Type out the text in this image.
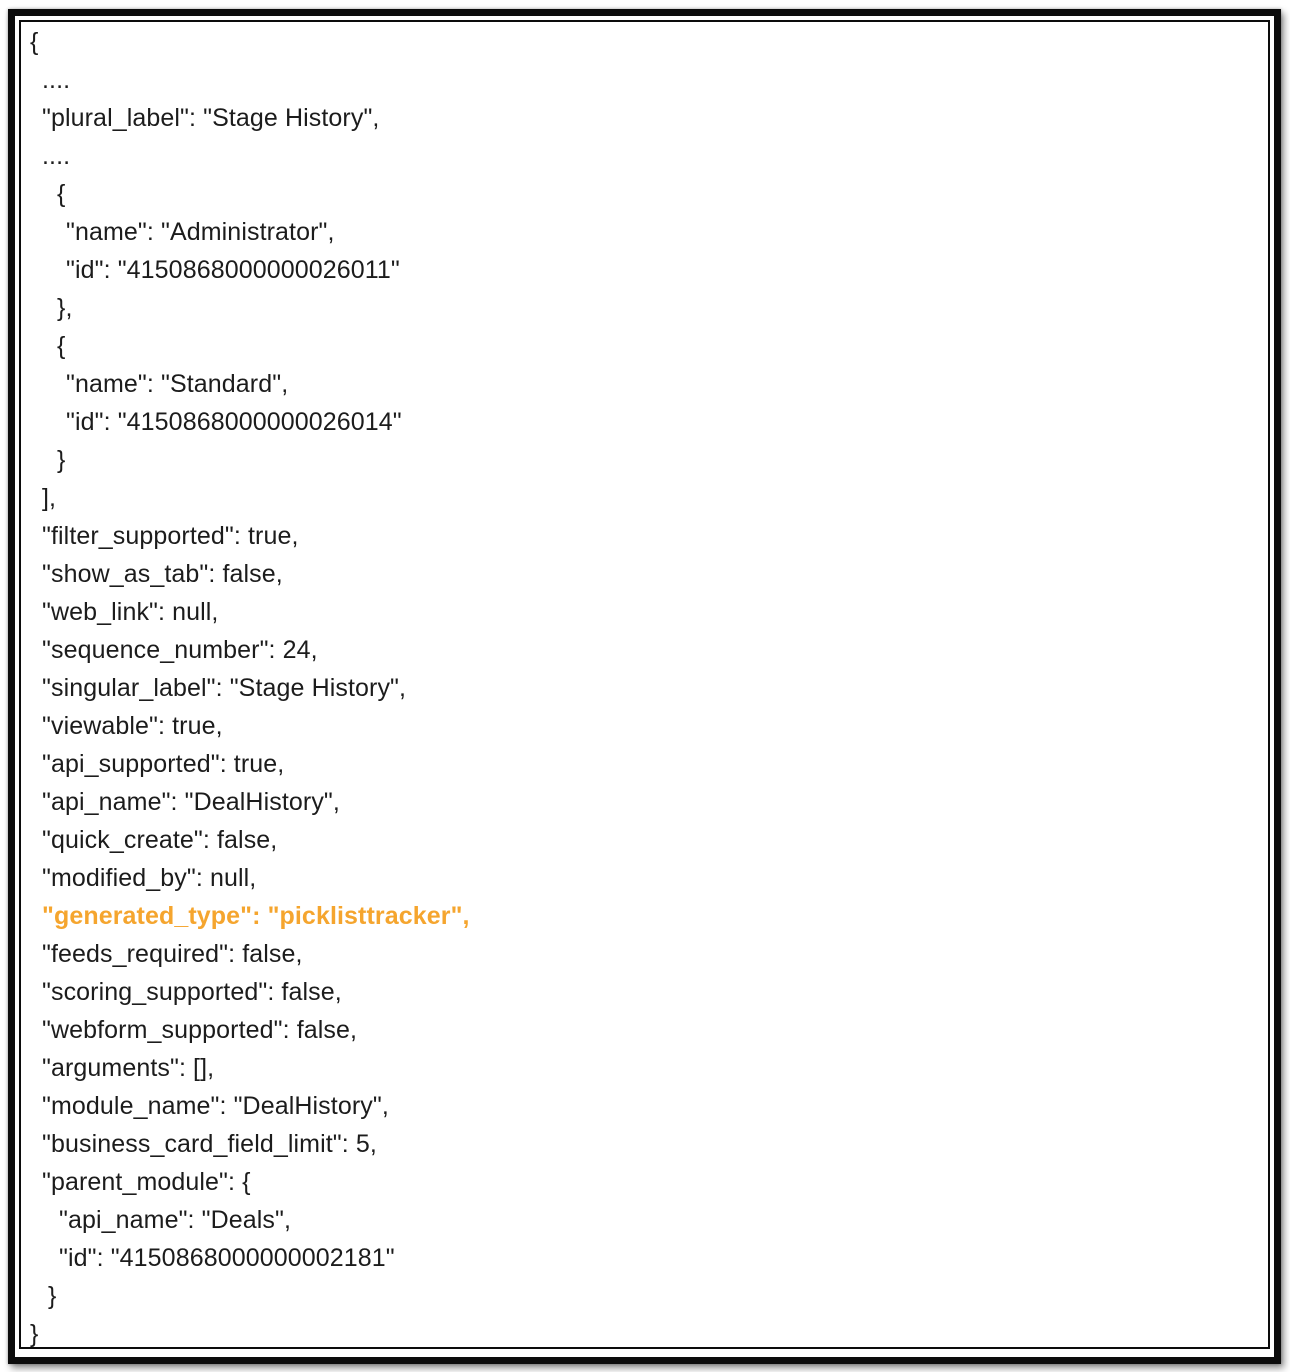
{
....
"plural_label": "Stage History",
....
{
"name": "Administrator",
"id": "4150868000000026011"
},
{
"name": "Standard",
"id": "4150868000000026014"
}
],
"filter_supported": true,
"show_as_tab": false,
"web_link": null,
"sequence_number": 24,
"singular_label": "Stage History",
"viewable": true,
"api_supported": true,
"api_name": "DealHistory",
"quick_create": false,
"modified_by": null,
"generated_type": "picklisttracker",
"feeds_required": false,
"scoring_supported": false,
"webform_supported": false,
"arguments": [],
"module_name": "DealHistory",
"business_card_field_limit": 5,
"parent_module": {
"api_name": "Deals",
"id": "4150868000000002181"
}
}
